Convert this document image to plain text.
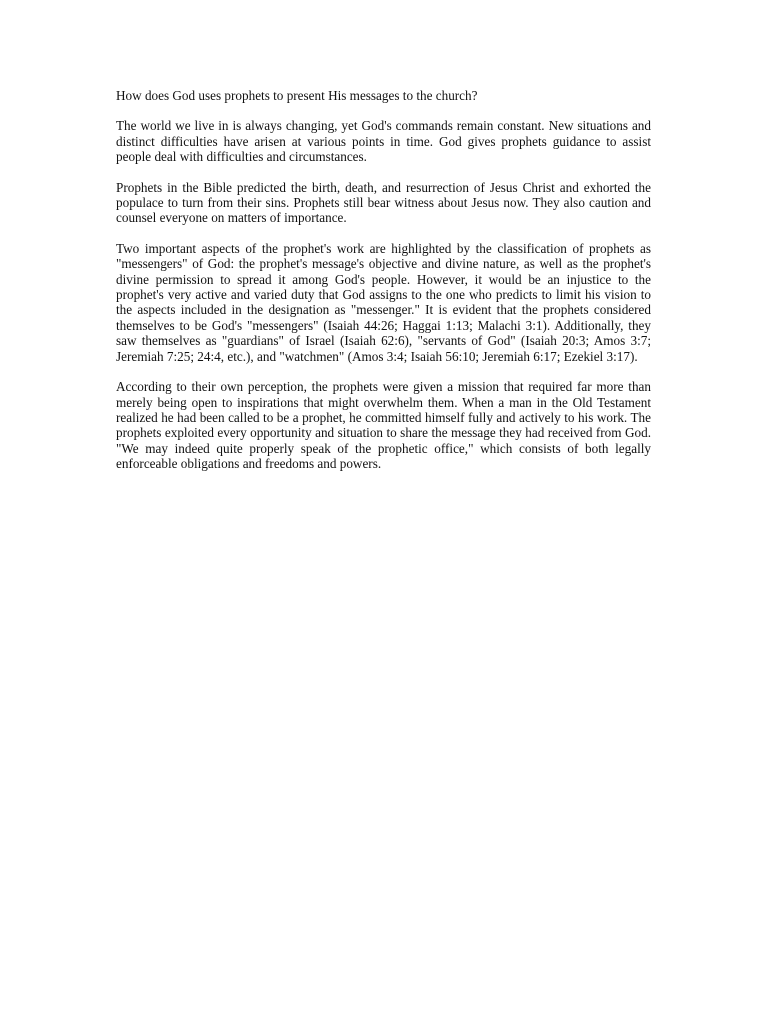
How does God uses prophets to present His messages to the church?

The world we live in is always changing, yet God's commands remain constant. New situations and distinct difficulties have arisen at various points in time. God gives prophets guidance to assist people deal with difficulties and circumstances.

Prophets in the Bible predicted the birth, death, and resurrection of Jesus Christ and exhorted the populace to turn from their sins. Prophets still bear witness about Jesus now. They also caution and counsel everyone on matters of importance.

Two important aspects of the prophet's work are highlighted by the classification of prophets as "messengers" of God: the prophet's message's objective and divine nature, as well as the prophet's divine permission to spread it among God's people. However, it would be an injustice to the prophet's very active and varied duty that God assigns to the one who predicts to limit his vision to the aspects included in the designation as "messenger." It is evident that the prophets considered themselves to be God's "messengers" (Isaiah 44:26; Haggai 1:13; Malachi 3:1). Additionally, they saw themselves as "guardians" of Israel (Isaiah 62:6), "servants of God" (Isaiah 20:3; Amos 3:7; Jeremiah 7:25; 24:4, etc.), and "watchmen" (Amos 3:4; Isaiah 56:10; Jeremiah 6:17; Ezekiel 3:17).

According to their own perception, the prophets were given a mission that required far more than merely being open to inspirations that might overwhelm them. When a man in the Old Testament realized he had been called to be a prophet, he committed himself fully and actively to his work. The prophets exploited every opportunity and situation to share the message they had received from God. "We may indeed quite properly speak of the prophetic office," which consists of both legally enforceable obligations and freedoms and powers.
